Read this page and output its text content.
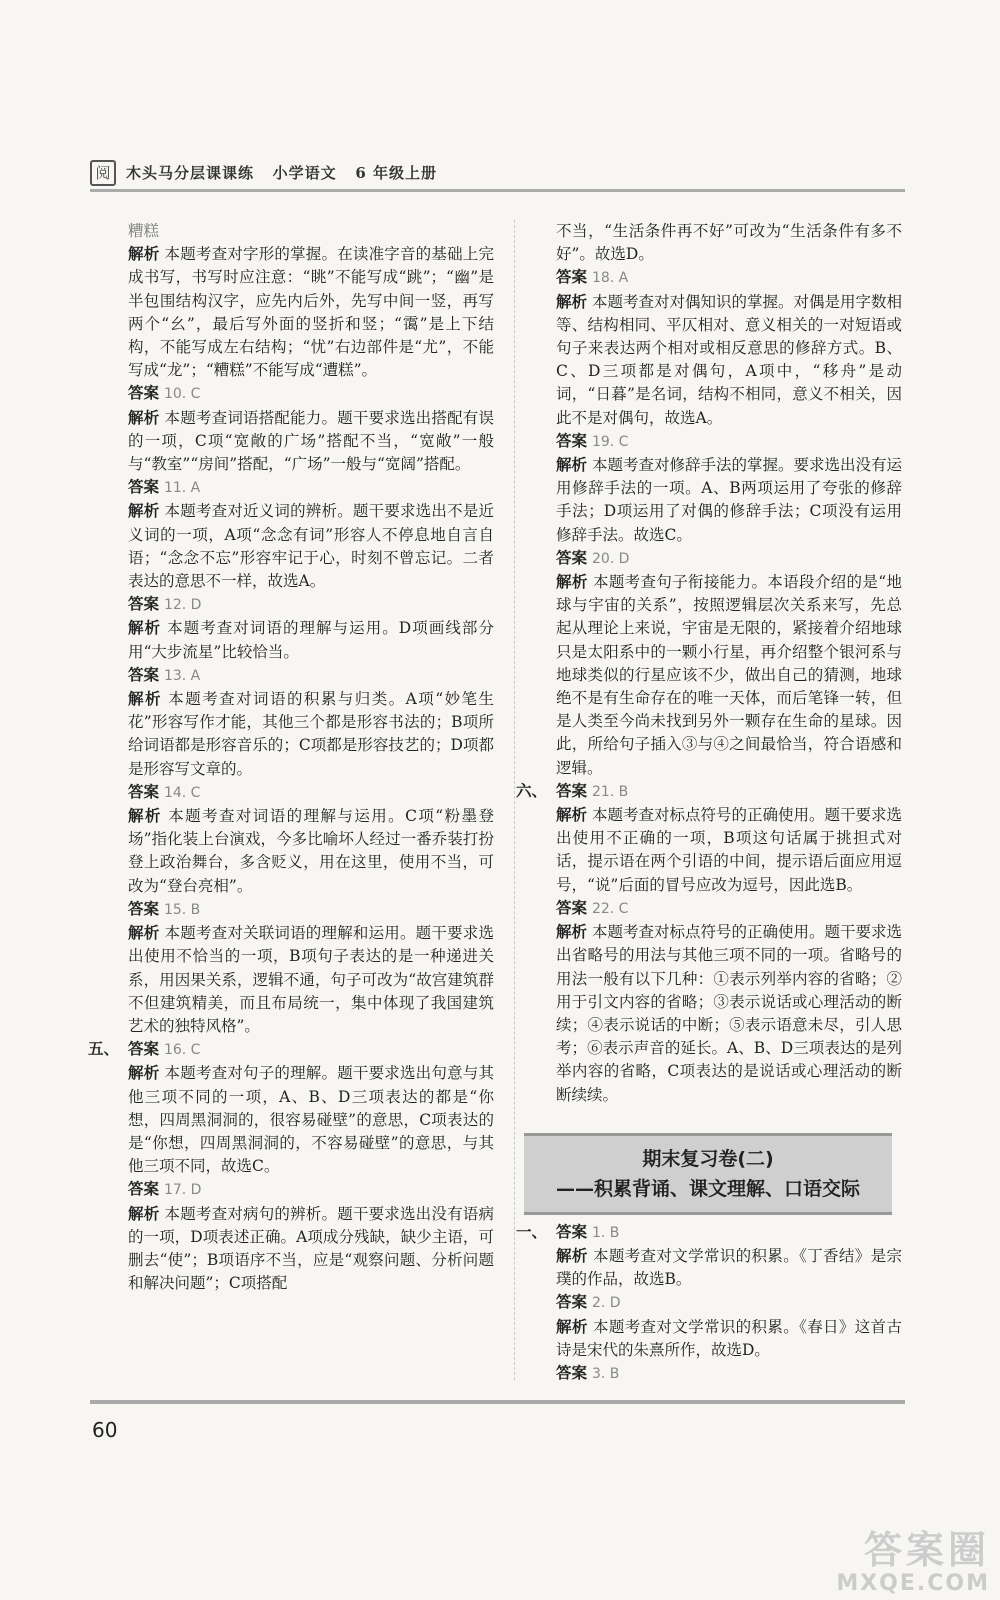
阅	木头马分层课课练   小学语文   6 年级上册

糟糕

解析 本题考查对字形的掌握。在读准字音的基础上完成书写，书写时应注意：“眺”不能写成“跳”；“幽”是半包围结构汉字，应先内后外，先写中间一竖，再写两个“幺”，最后写外面的竖折和竖；“霭”是上下结构，不能写成左右结构；“忧”右边部件是“尤”，不能写成“龙”；“糟糕”不能写成“遭糕”。

答案 10. C

解析 本题考查词语搭配能力。题干要求选出搭配有误的一项，C项“宽敞的广场”搭配不当，“宽敞”一般与“教室”“房间”搭配，“广场”一般与“宽阔”搭配。

答案 11. A

解析 本题考查对近义词的辨析。题干要求选出不是近义词的一项，A项“念念有词”形容人不停息地自言自语；“念念不忘”形容牢记于心，时刻不曾忘记。二者表达的意思不一样，故选A。

答案 12. D

解析 本题考查对词语的理解与运用。D项画线部分用“大步流星”比较恰当。

答案 13. A

解析 本题考查对词语的积累与归类。A项“妙笔生花”形容写作才能，其他三个都是形容书法的；B项所给词语都是形容音乐的；C项都是形容技艺的；D项都是形容写文章的。

答案 14. C

解析 本题考查对词语的理解与运用。C项“粉墨登场”指化装上台演戏，今多比喻坏人经过一番乔装打扮登上政治舞台，多含贬义，用在这里，使用不当，可改为“登台亮相”。

答案 15. B

解析 本题考查对关联词语的理解和运用。题干要求选出使用不恰当的一项，B项句子表达的是一种递进关系，用因果关系，逻辑不通，句子可改为“故宫建筑群不但建筑精美，而且布局统一，集中体现了我国建筑艺术的独特风格”。

五、 答案 16. C

解析 本题考查对句子的理解。题干要求选出句意与其他三项不同的一项，A、B、D三项表达的都是“你想，四周黑洞洞的，很容易碰壁”的意思，C项表达的是“你想，四周黑洞洞的，不容易碰壁”的意思，与其他三项不同，故选C。

答案 17. D

解析 本题考查对病句的辨析。题干要求选出没有语病的一项，D项表述正确。A项成分残缺，缺少主语，可删去“使”；B项语序不当，应是“观察问题、分析问题和解决问题”；C项搭配

不当，“生活条件再不好”可改为“生活条件有多不好”。故选D。

答案 18. A

解析 本题考查对对偶知识的掌握。对偶是用字数相等、结构相同、平仄相对、意义相关的一对短语或句子来表达两个相对或相反意思的修辞方式。B、C、D三项都是对偶句，A项中，“移舟”是动词，“日暮”是名词，结构不相同，意义不相关，因此不是对偶句，故选A。

答案 19. C

解析 本题考查对修辞手法的掌握。要求选出没有运用修辞手法的一项。A、B两项运用了夸张的修辞手法；D项运用了对偶的修辞手法；C项没有运用修辞手法。故选C。

答案 20. D

解析 本题考查句子衔接能力。本语段介绍的是“地球与宇宙的关系”，按照逻辑层次关系来写，先总起从理论上来说，宇宙是无限的，紧接着介绍地球只是太阳系中的一颗小行星，再介绍整个银河系与地球类似的行星应该不少，做出自己的猜测，地球绝不是有生命存在的唯一天体，而后笔锋一转，但是人类至今尚未找到另外一颗存在生命的星球。因此，所给句子插入③与④之间最恰当，符合语感和逻辑。

六、 答案 21. B

解析 本题考查对标点符号的正确使用。题干要求选出使用不正确的一项，B项这句话属于挑担式对话，提示语在两个引语的中间，提示语后面应用逗号，“说”后面的冒号应改为逗号，因此选B。

答案 22. C

解析 本题考查对标点符号的正确使用。题干要求选出省略号的用法与其他三项不同的一项。省略号的用法一般有以下几种：①表示列举内容的省略；②用于引文内容的省略；③表示说话或心理活动的断续；④表示说话的中断；⑤表示语意未尽，引人思考；⑥表示声音的延长。A、B、D三项表达的是列举内容的省略，C项表达的是说话或心理活动的断断续续。

期末复习卷(二)
——积累背诵、课文理解、口语交际

一、 答案 1. B

解析 本题考查对文学常识的积累。《丁香结》是宗璞的作品，故选B。

答案 2. D

解析 本题考查对文学常识的积累。《春日》这首古诗是宋代的朱熹所作，故选D。

答案 3. B

60
答案圈
MXQE.COM
